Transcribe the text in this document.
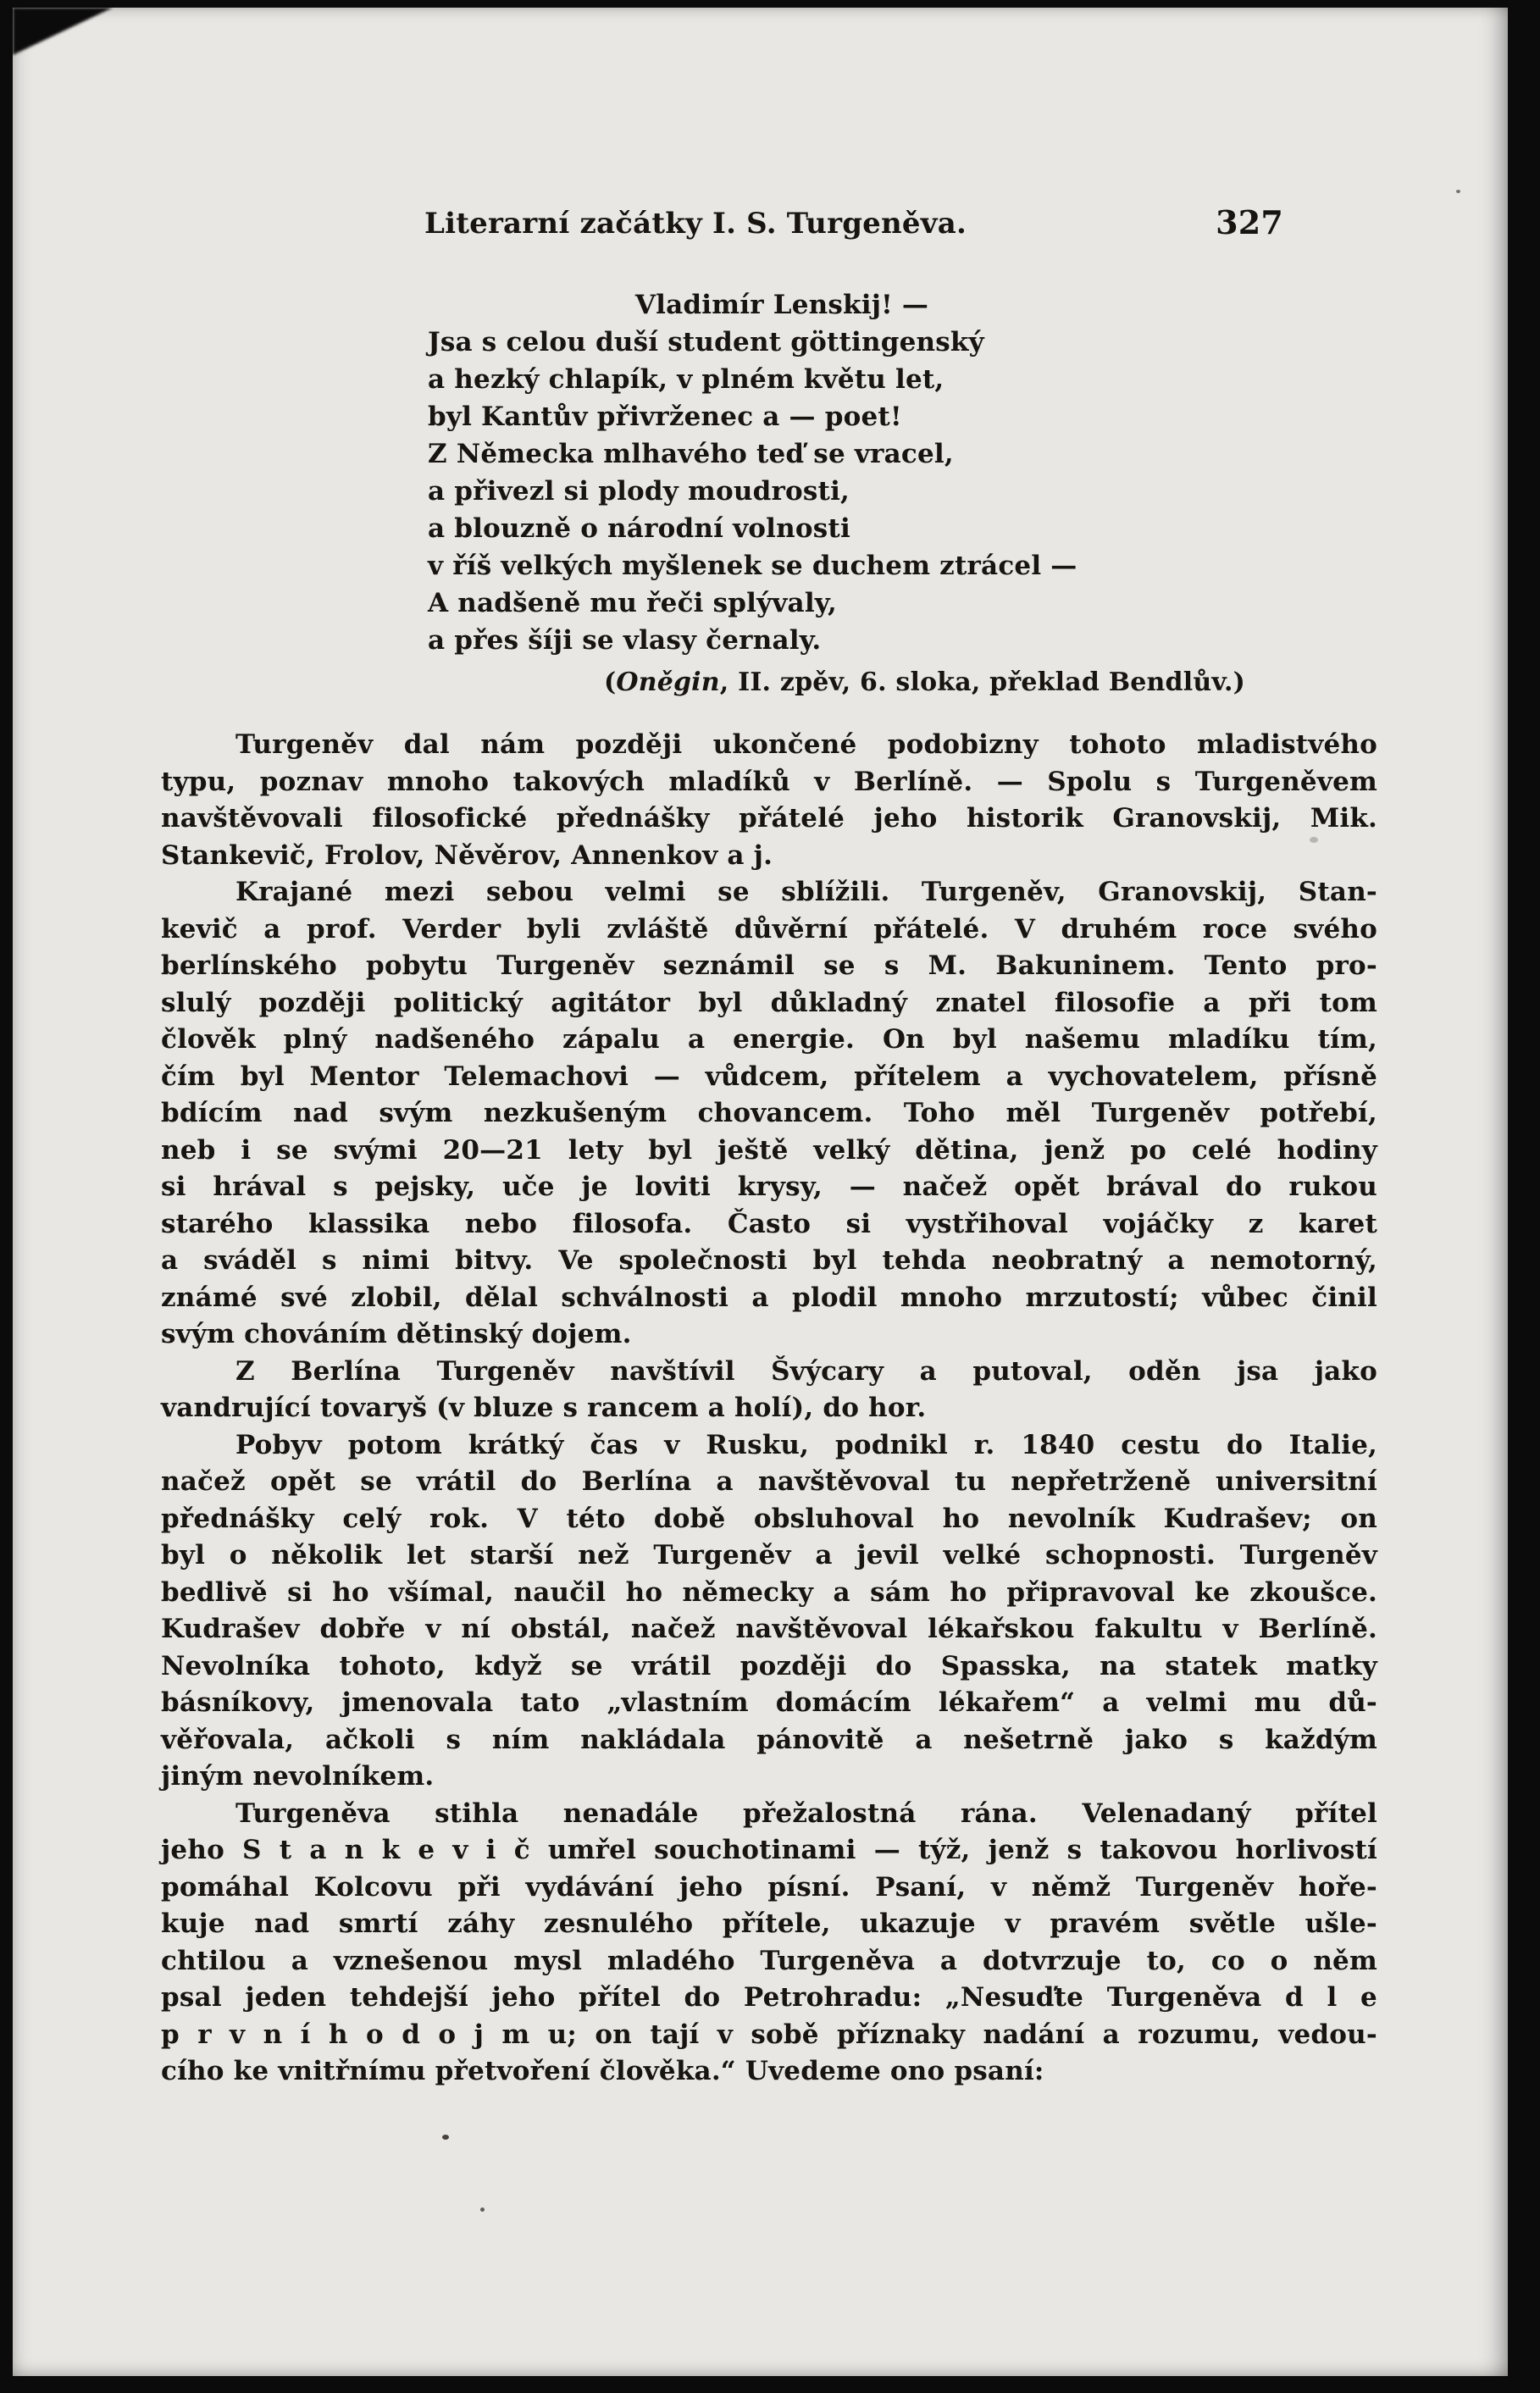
Literarní začátky I. S. Turgeněva.	327
Vladimír Lenskij! —
Jsa s celou duší student göttingenský
a hezký chlapík, v plném květu let,
byl Kantův přivrženec a — poet!
Z Německa mlhavého teď se vracel,
a přivezl si plody moudrosti,
a blouzně o národní volnosti
v říš velkých myšlenek se duchem ztrácel —
A nadšeně mu řeči splývaly,
a přes šíji se vlasy černaly.
(Oněgin, II. zpěv, 6. sloka, překlad Bendlův.)
Turgeněv dal nám později ukončené podobizny tohoto mladistvého
typu, poznav mnoho takových mladíků v Berlíně. — Spolu s Turgeněvem
navštěvovali filosofické přednášky přátelé jeho historik Granovskij, Mik.
Stankevič, Frolov, Něvěrov, Annenkov a j.
Krajané mezi sebou velmi se sblížili. Turgeněv, Granovskij, Stan-
kevič a prof. Verder byli zvláště důvěrní přátelé. V druhém roce svého
berlínského pobytu Turgeněv seznámil se s M. Bakuninem. Tento pro-
slulý později politický agitátor byl důkladný znatel filosofie a při tom
člověk plný nadšeného zápalu a energie. On byl našemu mladíku tím,
čím byl Mentor Telemachovi — vůdcem, přítelem a vychovatelem, přísně
bdícím nad svým nezkušeným chovancem. Toho měl Turgeněv potřebí,
neb i se svými 20—21 lety byl ještě velký dětina, jenž po celé hodiny
si hrával s pejsky, uče je loviti krysy, — načež opět brával do rukou
starého klassika nebo filosofa. Často si vystřihoval vojáčky z karet
a sváděl s nimi bitvy. Ve společnosti byl tehda neobratný a nemotorný,
známé své zlobil, dělal schválnosti a plodil mnoho mrzutostí; vůbec činil
svým chováním dětinský dojem.
Z Berlína Turgeněv navštívil Švýcary a putoval, oděn jsa jako
vandrující tovaryš (v bluze s rancem a holí), do hor.
Pobyv potom krátký čas v Rusku, podnikl r. 1840 cestu do Italie,
načež opět se vrátil do Berlína a navštěvoval tu nepřetrženě universitní
přednášky celý rok. V této době obsluhoval ho nevolník Kudrašev; on
byl o několik let starší než Turgeněv a jevil velké schopnosti. Turgeněv
bedlivě si ho všímal, naučil ho německy a sám ho připravoval ke zkoušce.
Kudrašev dobře v ní obstál, načež navštěvoval lékařskou fakultu v Berlíně.
Nevolníka tohoto, když se vrátil později do Spasska, na statek matky
básníkovy, jmenovala tato „vlastním domácím lékařem“ a velmi mu dů-
věřovala, ačkoli s ním nakládala pánovitě a nešetrně jako s každým
jiným nevolníkem.
Turgeněva stihla nenadále přežalostná rána. Velenadaný přítel
jeho S t a n k e v i č umřel souchotinami — týž, jenž s takovou horlivostí
pomáhal Kolcovu při vydávání jeho písní. Psaní, v němž Turgeněv hoře-
kuje nad smrtí záhy zesnulého přítele, ukazuje v pravém světle ušle-
chtilou a vznešenou mysl mladého Turgeněva a dotvrzuje to, co o něm
psal jeden tehdejší jeho přítel do Petrohradu: „Nesuďte Turgeněva d l e
p r v n í h o d o j m u; on tají v sobě příznaky nadání a rozumu, vedou-
cího ke vnitřnímu přetvoření člověka.“ Uvedeme ono psaní:
